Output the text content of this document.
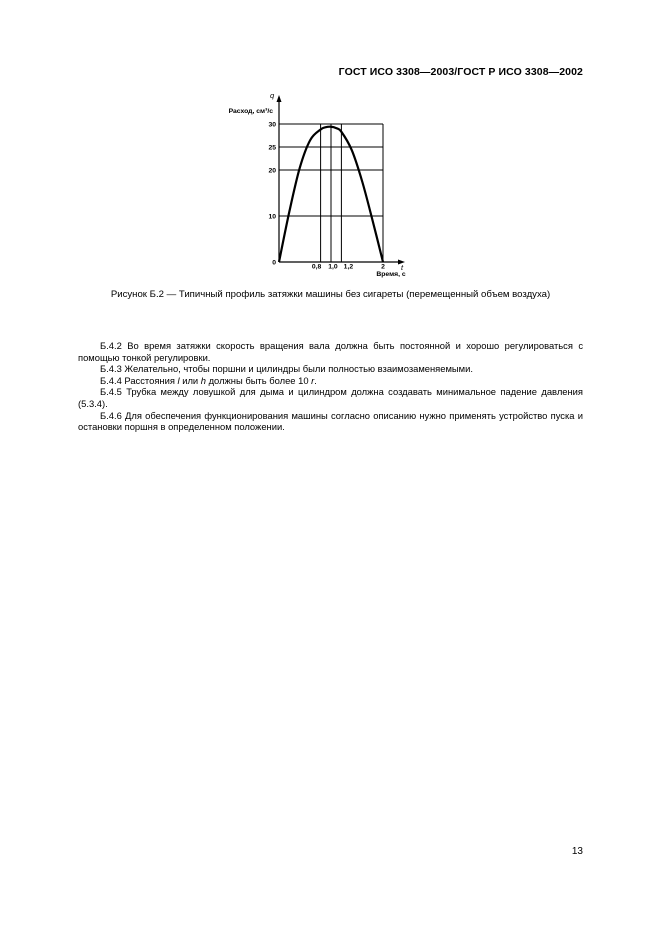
ГОСТ ИСО 3308—2003/ГОСТ Р ИСО 3308—2002
10
20
25
30
0,8 1,0 1,2	2
0
q
Расход, см³/с
t
Время, с
Рисунок Б.2 — Типичный профиль затяжки машины без сигареты (перемещенный объем воздуха)

Б.4.2 Во время затяжки скорость вращения вала должна быть постоянной и хорошо регулироваться с помощью тонкой регулировки.

Б.4.3 Желательно, чтобы поршни и цилиндры были полностью взаимозаменяемыми.

Б.4.4 Расстояния l или h должны быть более 10 r.

Б.4.5 Трубка между ловушкой для дыма и цилиндром должна создавать минимальное падение давления (5.3.4).

Б.4.6 Для обеспечения функционирования машины согласно описанию нужно применять устройство пуска и остановки поршня в определенном положении.

13
